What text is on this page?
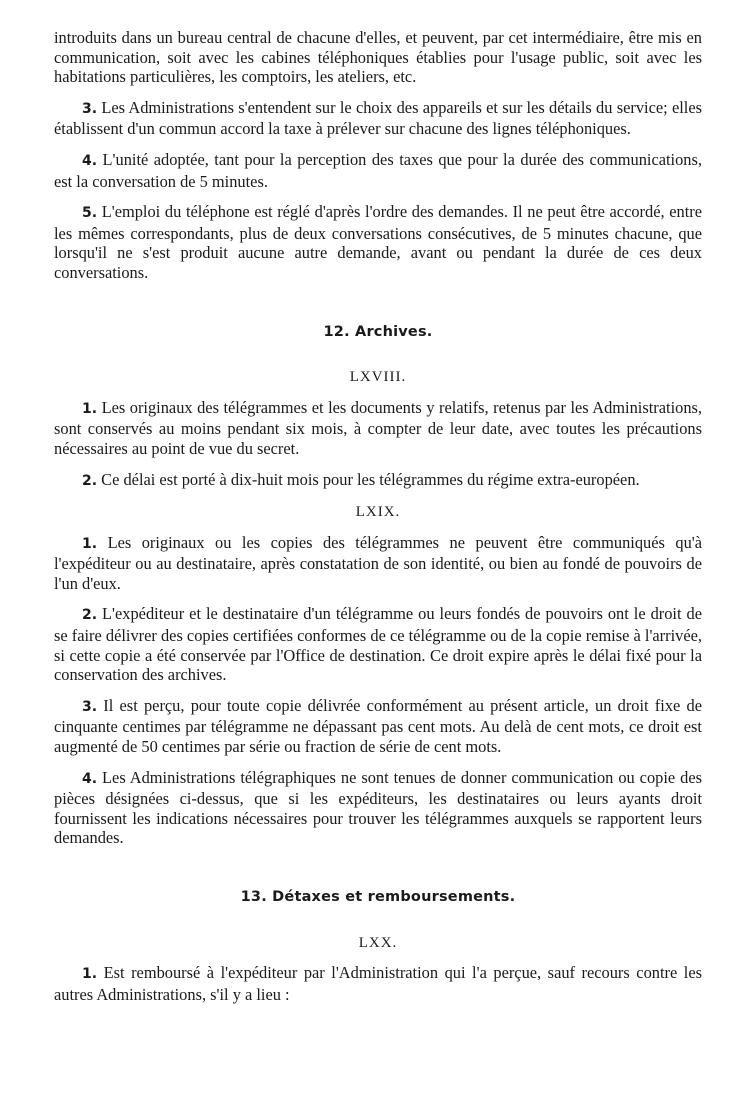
introduits dans un bureau central de chacune d'elles, et peuvent, par cet intermédiaire, être mis en communication, soit avec les cabines téléphoniques établies pour l'usage public, soit avec les habitations particulières, les comptoirs, les ateliers, etc.

3. Les Administrations s'entendent sur le choix des appareils et sur les détails du service; elles établissent d'un commun accord la taxe à prélever sur chacune des lignes téléphoniques.

4. L'unité adoptée, tant pour la perception des taxes que pour la durée des communications, est la conversation de 5 minutes.

5. L'emploi du téléphone est réglé d'après l'ordre des demandes. Il ne peut être accordé, entre les mêmes correspondants, plus de deux conversations consécutives, de 5 minutes chacune, que lorsqu'il ne s'est produit aucune autre demande, avant ou pendant la durée de ces deux conversations.

12. Archives.
LXVIII.

1. Les originaux des télégrammes et les documents y relatifs, retenus par les Administrations, sont conservés au moins pendant six mois, à compter de leur date, avec toutes les précautions nécessaires au point de vue du secret.

2. Ce délai est porté à dix-huit mois pour les télégrammes du régime extra-européen.

LXIX.

1. Les originaux ou les copies des télégrammes ne peuvent être communiqués qu'à l'expéditeur ou au destinataire, après constatation de son identité, ou bien au fondé de pouvoirs de l'un d'eux.

2. L'expéditeur et le destinataire d'un télégramme ou leurs fondés de pouvoirs ont le droit de se faire délivrer des copies certifiées conformes de ce télégramme ou de la copie remise à l'arrivée, si cette copie a été conservée par l'Office de destination. Ce droit expire après le délai fixé pour la conservation des archives.

3. Il est perçu, pour toute copie délivrée conformément au présent article, un droit fixe de cinquante centimes par télégramme ne dépassant pas cent mots. Au delà de cent mots, ce droit est augmenté de 50 centimes par série ou fraction de série de cent mots.

4. Les Administrations télégraphiques ne sont tenues de donner communication ou copie des pièces désignées ci-dessus, que si les expéditeurs, les destinataires ou leurs ayants droit fournissent les indications nécessaires pour trouver les télégrammes auxquels se rapportent leurs demandes.

13. Détaxes et remboursements.
LXX.

1. Est remboursé à l'expéditeur par l'Administration qui l'a perçue, sauf recours contre les autres Administrations, s'il y a lieu :
